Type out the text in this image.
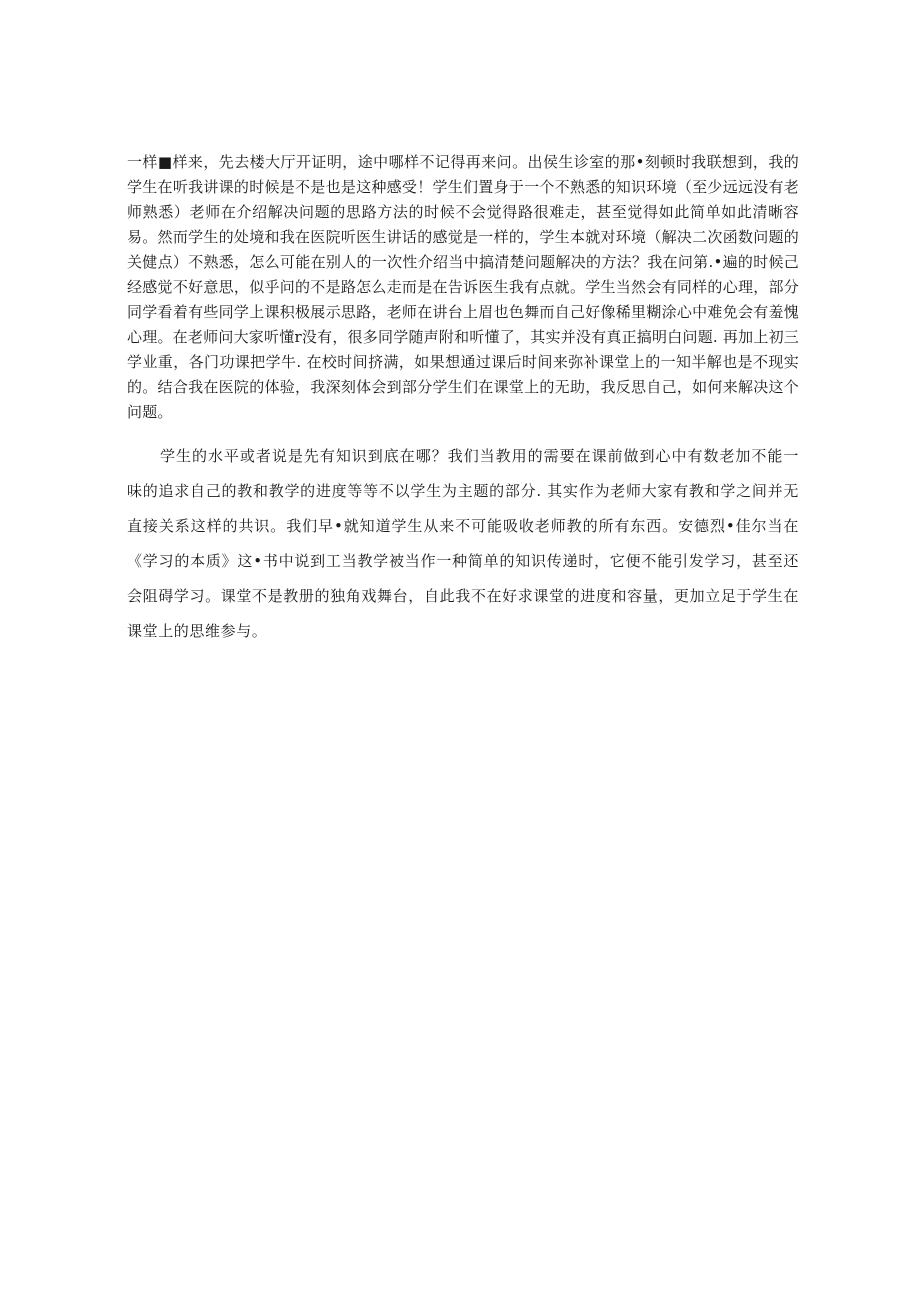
一样■样来，先去楼大厅开证明，途中哪样不记得再来问。出侯生诊室的那•刻顿时我联想到，我的学生在听我讲课的时候是不是也是这种感受！学生们置身于一个不熟悉的知识环境（至少远远没有老师熟悉）老师在介绍解决问题的思路方法的时候不会觉得路很难走，甚至觉得如此简单如此清晰容易。然而学生的处境和我在医院听医生讲话的感觉是一样的，学生本就对环境（解决二次函数问题的关健点）不熟悉，怎么可能在别人的一次性介绍当中搞清楚问题解决的方法？我在问第.•遍的时候己经感觉不好意思，似乎问的不是路怎么走而是在告诉医生我有点就。学生当然会有同样的心理，部分同学看着有些同学上课积极展示思路，老师在讲台上眉也色舞而自己好像稀里糊涂心中难免会有羞愧心理。在老师问大家听懂r没有，很多同学随声附和听懂了，其实并没有真正搞明白问题. 再加上初三学业重，各门功课把学牛. 在校时间挤满，如果想通过课后时间来弥补课堂上的一知半解也是不现实的。结合我在医院的体验，我深刻体会到部分学生们在课堂上的无助，我反思自己，如何来解决这个问题。

学生的水平或者说是先有知识到底在哪？我们当教用的需要在课前做到心中有数老加不能一味的追求自己的教和教学的进度等等不以学生为主题的部分. 其实作为老师大家有教和学之间并无直接关系这样的共识。我们早•就知道学生从来不可能吸收老师教的所有东西。安德烈•佳尔当在《学习的本质》这•书中说到工当教学被当作一种简单的知识传递时，它便不能引发学习，甚至还会阻碍学习。课堂不是教册的独角戏舞台，自此我不在好求课堂的进度和容量，更加立足于学生在课堂上的思维参与。
